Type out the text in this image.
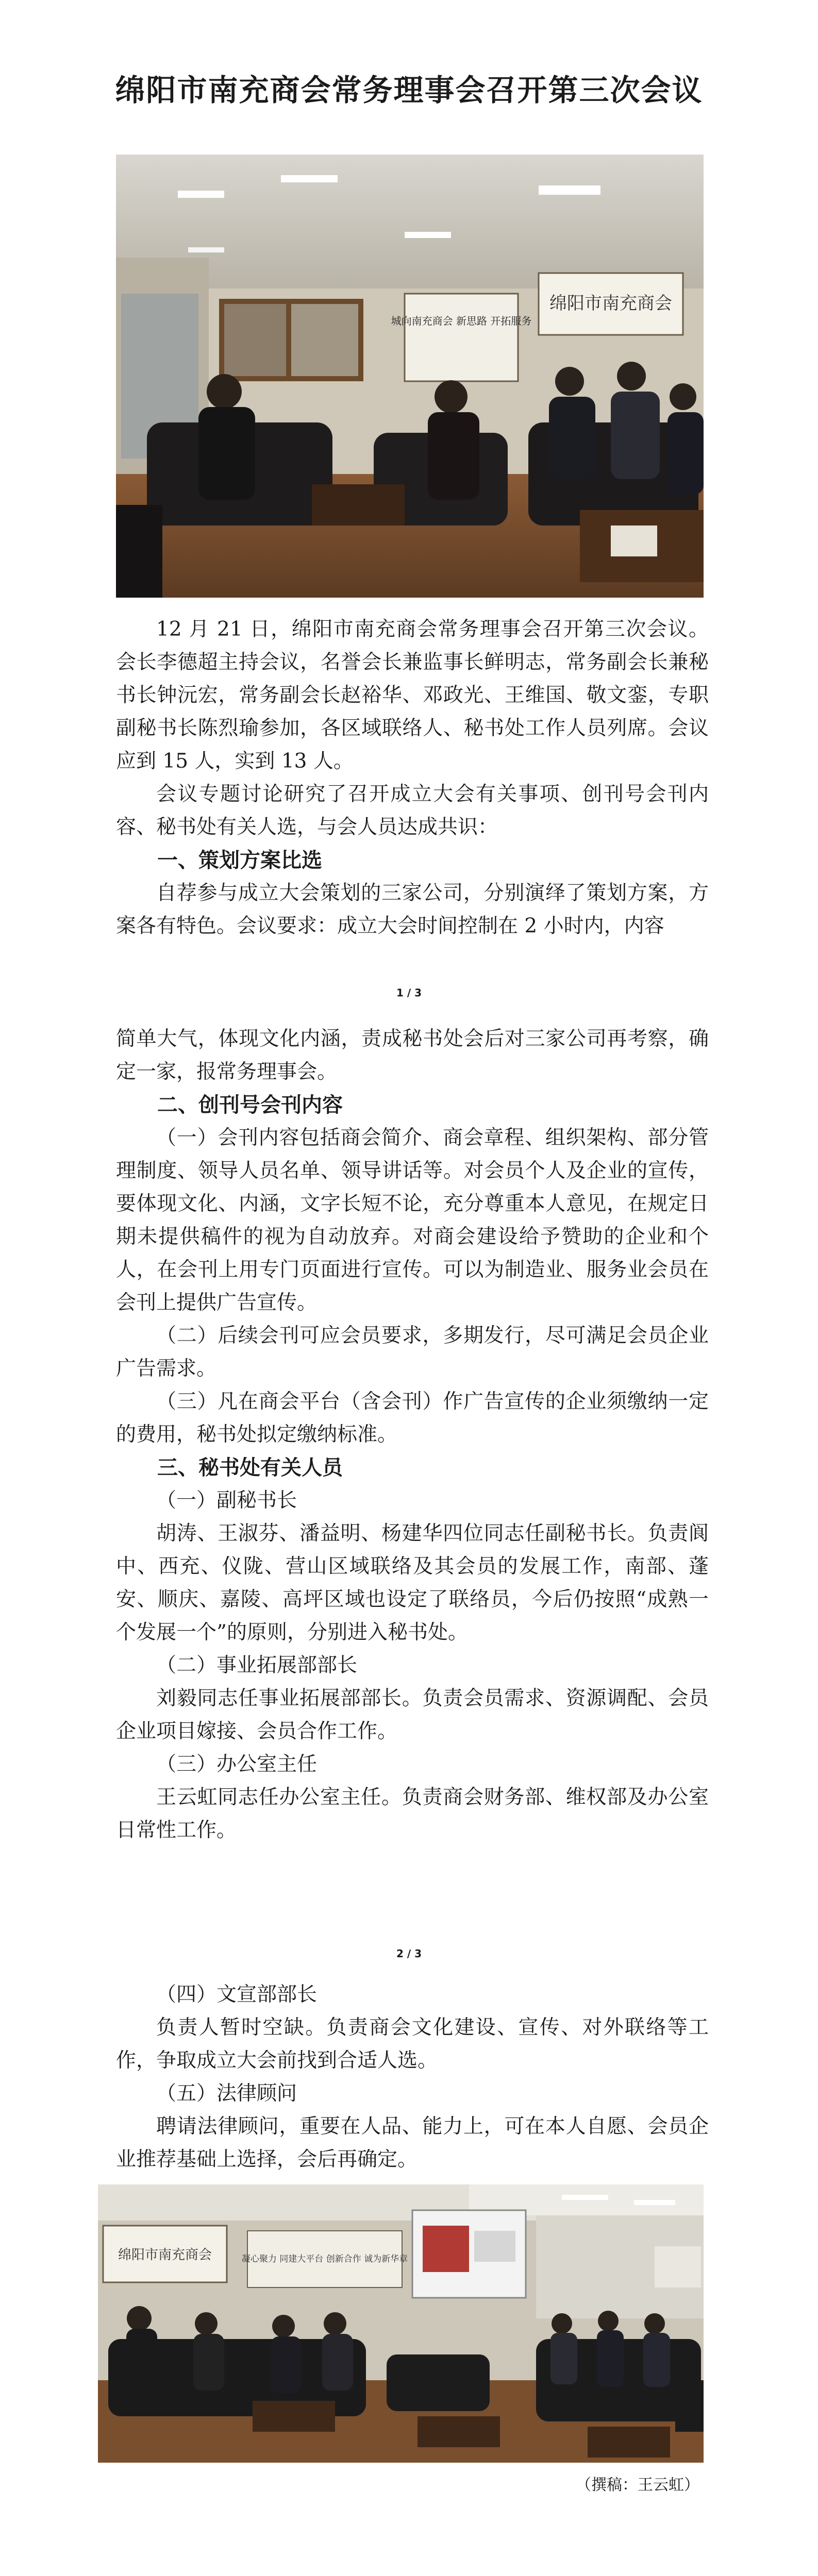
绵阳市南充商会常务理事会召开第三次会议
城向南充商会 新思路 开拓服务
绵阳市南充商会

12 月 21 日，绵阳市南充商会常务理事会召开第三次会议。会长李德超主持会议，名誉会长兼监事长鲜明志，常务副会长兼秘书长钟沅宏，常务副会长赵裕华、邓政光、王维国、敬文銮，专职副秘书长陈烈瑜参加，各区域联络人、秘书处工作人员列席。会议应到 15 人，实到 13 人。

会议专题讨论研究了召开成立大会有关事项、创刊号会刊内容、秘书处有关人选，与会人员达成共识：

一、策划方案比选

自荐参与成立大会策划的三家公司，分别演绎了策划方案，方案各有特色。会议要求：成立大会时间控制在 2 小时内，内容

1 / 3

简单大气，体现文化内涵，责成秘书处会后对三家公司再考察，确定一家，报常务理事会。

二、创刊号会刊内容

（一）会刊内容包括商会简介、商会章程、组织架构、部分管理制度、领导人员名单、领导讲话等。对会员个人及企业的宣传，要体现文化、内涵，文字长短不论，充分尊重本人意见，在规定日期未提供稿件的视为自动放弃。对商会建设给予赞助的企业和个人，在会刊上用专门页面进行宣传。可以为制造业、服务业会员在会刊上提供广告宣传。

（二）后续会刊可应会员要求，多期发行，尽可满足会员企业广告需求。

（三）凡在商会平台（含会刊）作广告宣传的企业须缴纳一定的费用，秘书处拟定缴纳标准。

三、秘书处有关人员

（一）副秘书长

胡涛、王淑芬、潘益明、杨建华四位同志任副秘书长。负责阆中、西充、仪陇、营山区域联络及其会员的发展工作，南部、蓬安、顺庆、嘉陵、高坪区域也设定了联络员，今后仍按照“成熟一个发展一个”的原则，分别进入秘书处。

（二）事业拓展部部长

刘毅同志任事业拓展部部长。负责会员需求、资源调配、会员企业项目嫁接、会员合作工作。

（三）办公室主任

王云虹同志任办公室主任。负责商会财务部、维权部及办公室日常性工作。

2 / 3

（四）文宣部部长

负责人暂时空缺。负责商会文化建设、宣传、对外联络等工作，争取成立大会前找到合适人选。

（五）法律顾问

聘请法律顾问，重要在人品、能力上，可在本人自愿、会员企业推荐基础上选择，会后再确定。

绵阳市南充商会	凝心聚力 同建大平台 创新合作 诚为新华章
（撰稿：王云虹）
